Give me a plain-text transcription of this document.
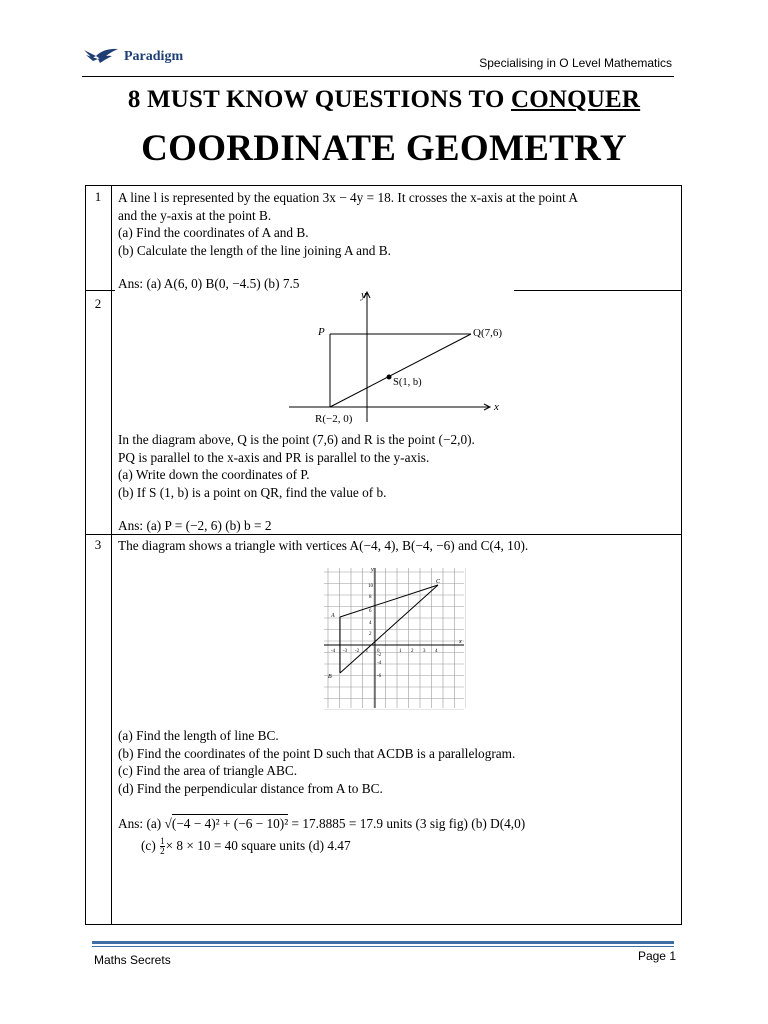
Paradigm	Specialising in O Level Mathematics
8 MUST KNOW QUESTIONS TO CONQUER
COORDINATE GEOMETRY
1	A line l is represented by the equation 3x − 4y = 18. It crosses the x-axis at the point A
and the y-axis at the point B.
(a) Find the coordinates of A and B.
(b) Calculate the length of the line joining A and B.
Ans: (a) A(6, 0) B(0, −4.5) (b) 7.5
2
y
x
P	Q(7,6)
S(1, b)
R(−2, 0)
In the diagram above, Q is the point (7,6) and R is the point (−2,0).
PQ is parallel to the x-axis and PR is parallel to the y-axis.
(a) Write down the coordinates of P.
(b) If S (1, b) is a point on QR, find the value of b.
Ans: (a) P = (−2, 6) (b) b = 2
3	The diagram shows a triangle with vertices A(−4, 4), B(−4, −6) and C(4, 10).
y
x
A
B
C
10
8
6
4
2
-2
-4
-6
-4 -3 -2 -1	1 2 3 4
0
(a) Find the length of line BC.
(b) Find the coordinates of the point D such that ACDB is a parallelogram.
(c) Find the area of triangle ABC.
(d) Find the perpendicular distance from A to BC.
Ans: (a) √(−4 − 4)² + (−6 − 10)² = 17.8885 = 17.9 units (3 sig fig) (b) D(4,0)
$(c) \frac{1}{2} \times 8 \times 10 = 40$ square units (d) 4.47
Maths Secrets	Page 1
